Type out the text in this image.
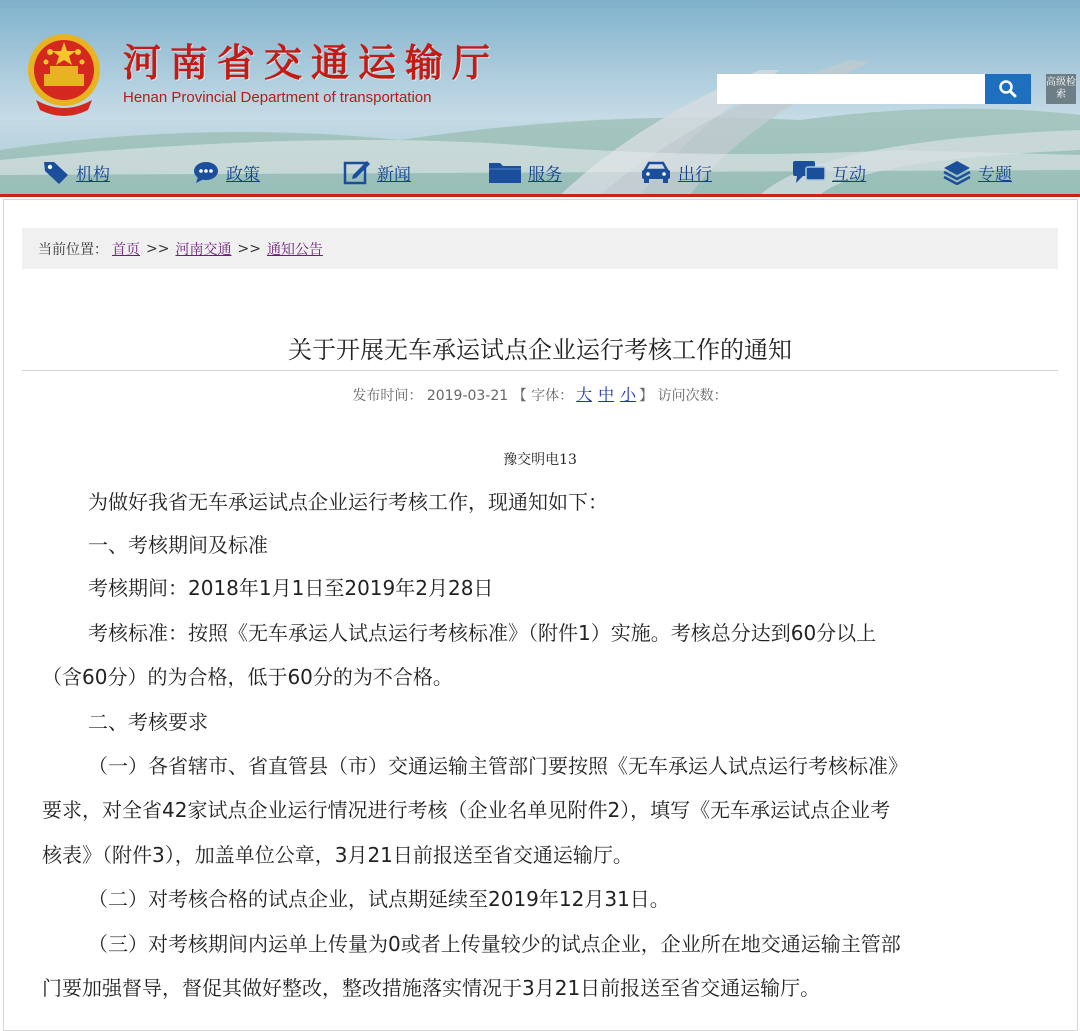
河南省交通运输厅
Henan Provincial Department of transportation
高级检索
机构	政策	新闻	服务	出行	互动	专题
当前位置： 首页 >> 河南交通 >> 通知公告
关于开展无车承运试点企业运行考核工作的通知
发布时间： 2019-03-21 【 字体： 大 中 小 】 访问次数：
豫交明电13
为做好我省无车承运试点企业运行考核工作，现通知如下：
一、考核期间及标准
考核期间：2018年1月1日至2019年2月28日
考核标准：按照《无车承运人试点运行考核标准》（附件1）实施。考核总分达到60分以上
（含60分）的为合格，低于60分的为不合格。
二、考核要求
（一）各省辖市、省直管县（市）交通运输主管部门要按照《无车承运人试点运行考核标准》
要求，对全省42家试点企业运行情况进行考核（企业名单见附件2），填写《无车承运试点企业考
核表》（附件3），加盖单位公章，3月21日前报送至省交通运输厅。
（二）对考核合格的试点企业，试点期延续至2019年12月31日。
（三）对考核期间内运单上传量为0或者上传量较少的试点企业，企业所在地交通运输主管部
门要加强督导，督促其做好整改，整改措施落实情况于3月21日前报送至省交通运输厅。
